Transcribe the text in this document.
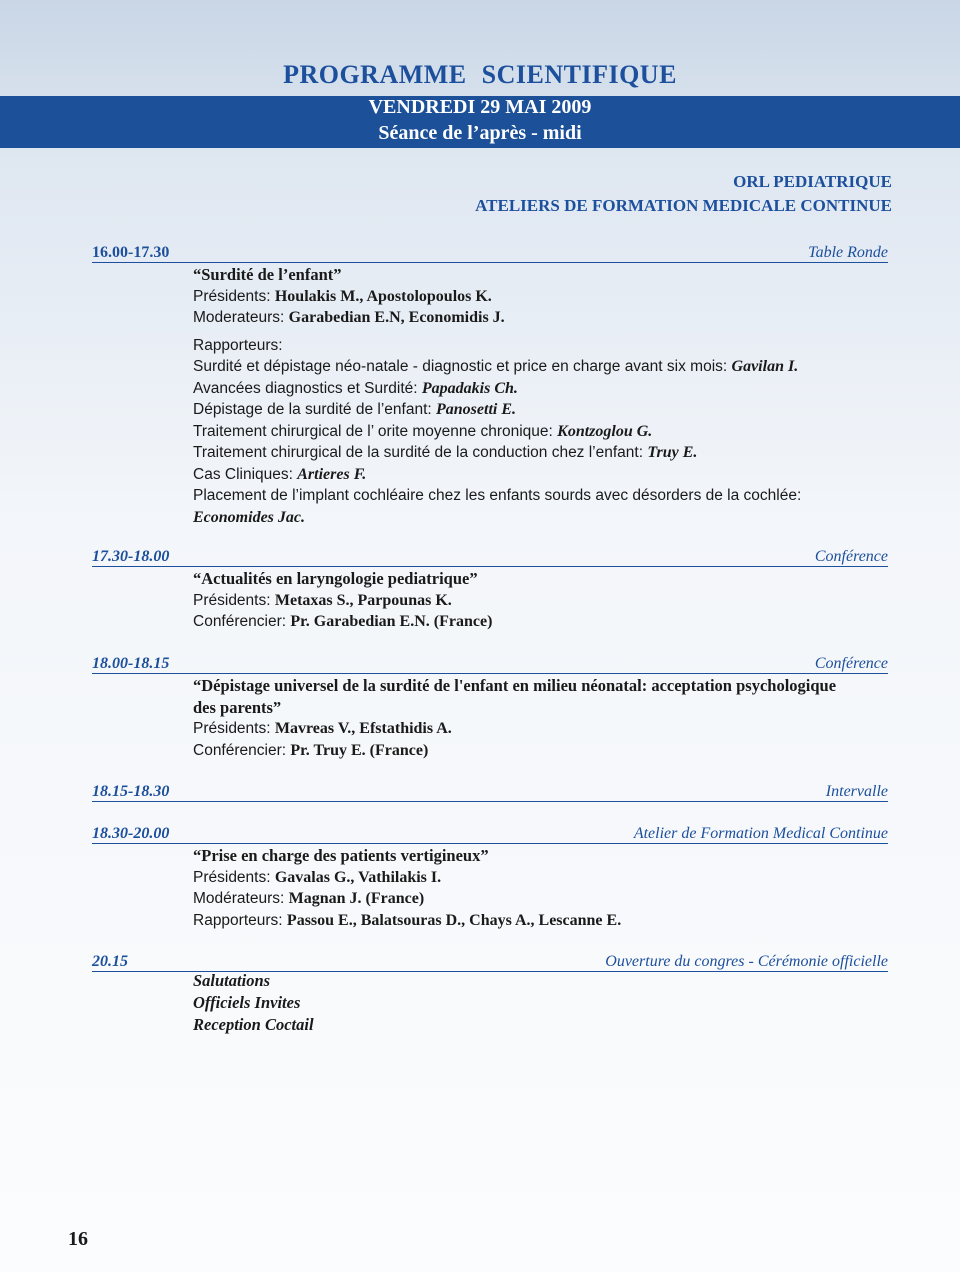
PROGRAMME SCIENTIFIQUE
VENDREDI 29 MAI 2009
Séance de l’après - midi
ORL PEDIATRIQUE
ATELIERS DE FORMATION MEDICALE CONTINUE
16.00-17.30	Table Ronde
“Surdité de l’enfant”
Présidents: Houlakis M., Apostolopoulos K.
Moderateurs: Garabedian E.N, Economidis J.
Rapporteurs:
Surdité et dépistage néo-natale - diagnostic et price en charge avant six mois: Gavilan I.
Avancées diagnostics et Surdité: Papadakis Ch.
Dépistage de la surdité de l’enfant: Panosetti E.
Traitement chirurgical de l’ orite moyenne chronique: Kontzoglou G.
Traitement chirurgical de la surdité de la conduction chez l’enfant: Truy E.
Cas Cliniques: Artieres F.
Placement de l’implant cochléaire chez les enfants sourds avec désorders de la cochlée:
Economides Jac.
17.30-18.00	Conférence
“Actualités en laryngologie pediatrique”
Présidents: Metaxas S., Parpounas K.
Conférencier: Pr. Garabedian E.N. (France)
18.00-18.15	Conférence
“Dépistage universel de la surdité de l'enfant en milieu néonatal: acceptation psychologique
des parents”
Présidents: Mavreas V., Efstathidis A.
Conférencier: Pr. Truy E. (France)
18.15-18.30	Intervalle
18.30-20.00	Atelier de Formation Medical Continue
“Prise en charge des patients vertigineux”
Présidents: Gavalas G., Vathilakis I.
Modérateurs: Magnan J. (France)
Rapporteurs: Passou E., Balatsouras D., Chays A., Lescanne E.
20.15	Ouverture du congres - Cérémonie officielle
Salutations
Officiels Invites
Reception Coctail
16
